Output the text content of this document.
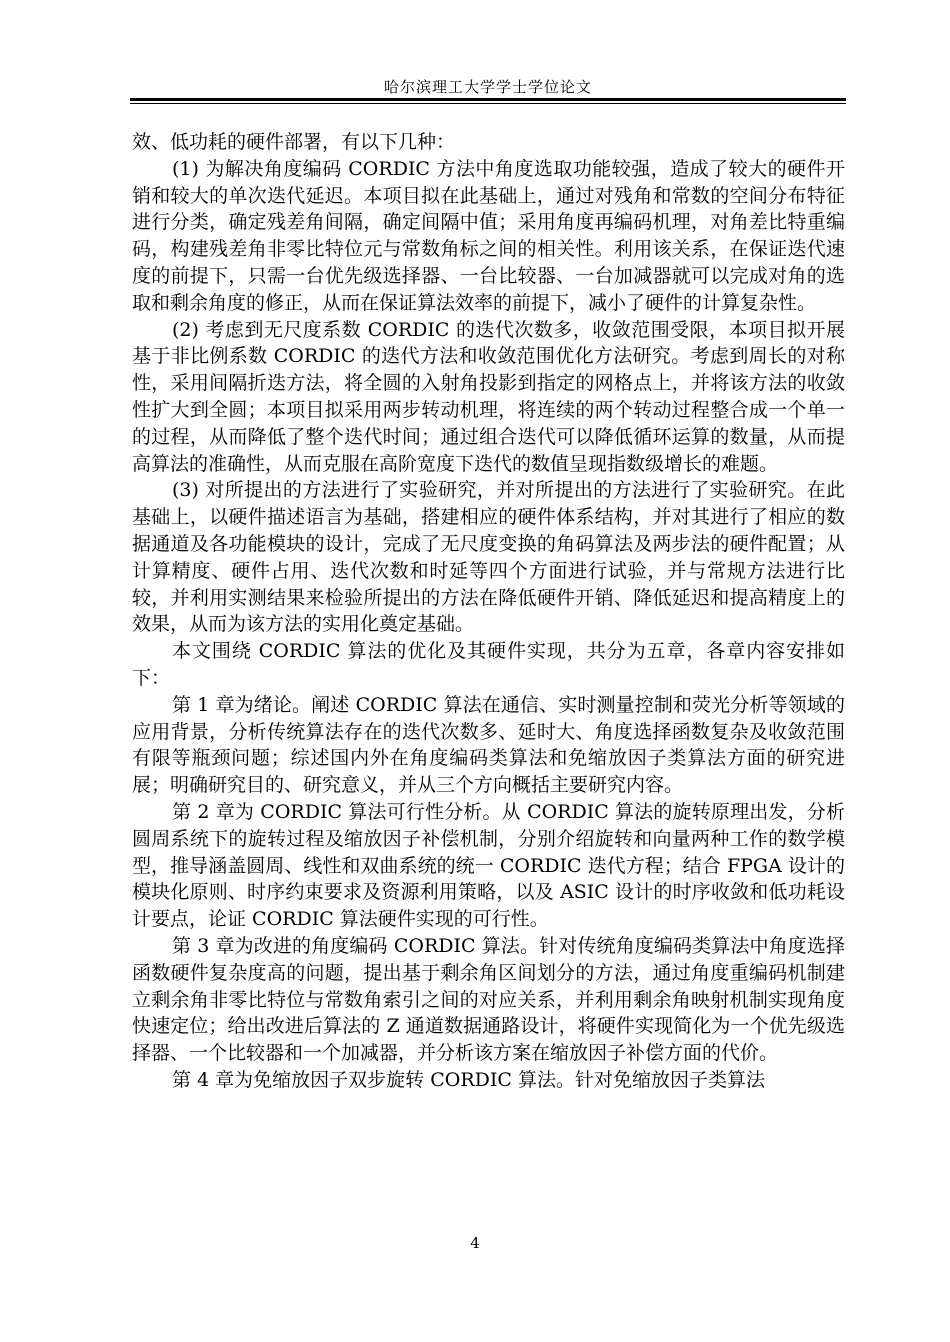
哈尔滨理工大学学士学位论文

效、低功耗的硬件部署，有以下几种：

(1) 为解决角度编码 CORDIC 方法中角度选取功能较强，造成了较大的硬件开销和较大的单次迭代延迟。本项目拟在此基础上，通过对残角和常数的空间分布特征进行分类，确定残差角间隔，确定间隔中值；采用角度再编码机理，对角差比特重编码，构建残差角非零比特位元与常数角标之间的相关性。利用该关系，在保证迭代速度的前提下，只需一台优先级选择器、一台比较器、一台加减器就可以完成对角的选取和剩余角度的修正，从而在保证算法效率的前提下，减小了硬件的计算复杂性。

(2) 考虑到无尺度系数 CORDIC 的迭代次数多，收敛范围受限，本项目拟开展基于非比例系数 CORDIC 的迭代方法和收敛范围优化方法研究。考虑到周长的对称性，采用间隔折迭方法，将全圆的入射角投影到指定的网格点上，并将该方法的收敛性扩大到全圆；本项目拟采用两步转动机理，将连续的两个转动过程整合成一个单一的过程，从而降低了整个迭代时间；通过组合迭代可以降低循环运算的数量，从而提高算法的准确性，从而克服在高阶宽度下迭代的数值呈现指数级增长的难题。

(3) 对所提出的方法进行了实验研究，并对所提出的方法进行了实验研究。在此基础上，以硬件描述语言为基础，搭建相应的硬件体系结构，并对其进行了相应的数据通道及各功能模块的设计，完成了无尺度变换的角码算法及两步法的硬件配置；从计算精度、硬件占用、迭代次数和时延等四个方面进行试验，并与常规方法进行比较，并利用实测结果来检验所提出的方法在降低硬件开销、降低延迟和提高精度上的效果，从而为该方法的实用化奠定基础。

本文围绕 CORDIC 算法的优化及其硬件实现，共分为五章，各章内容安排如下：

第 1 章为绪论。阐述 CORDIC 算法在通信、实时测量控制和荧光分析等领域的应用背景，分析传统算法存在的迭代次数多、延时大、角度选择函数复杂及收敛范围有限等瓶颈问题；综述国内外在角度编码类算法和免缩放因子类算法方面的研究进展；明确研究目的、研究意义，并从三个方向概括主要研究内容。

第 2 章为 CORDIC 算法可行性分析。从 CORDIC 算法的旋转原理出发，分析圆周系统下的旋转过程及缩放因子补偿机制，分别介绍旋转和向量两种工作的数学模型，推导涵盖圆周、线性和双曲系统的统一 CORDIC 迭代方程；结合 FPGA 设计的模块化原则、时序约束要求及资源利用策略，以及 ASIC 设计的时序收敛和低功耗设计要点，论证 CORDIC 算法硬件实现的可行性。

第 3 章为改进的角度编码 CORDIC 算法。针对传统角度编码类算法中角度选择函数硬件复杂度高的问题，提出基于剩余角区间划分的方法，通过角度重编码机制建立剩余角非零比特位与常数角索引之间的对应关系，并利用剩余角映射机制实现角度快速定位；给出改进后算法的 Z 通道数据通路设计，将硬件实现简化为一个优先级选择器、一个比较器和一个加减器，并分析该方案在缩放因子补偿方面的代价。

第 4 章为免缩放因子双步旋转 CORDIC 算法。针对免缩放因子类算法

4
